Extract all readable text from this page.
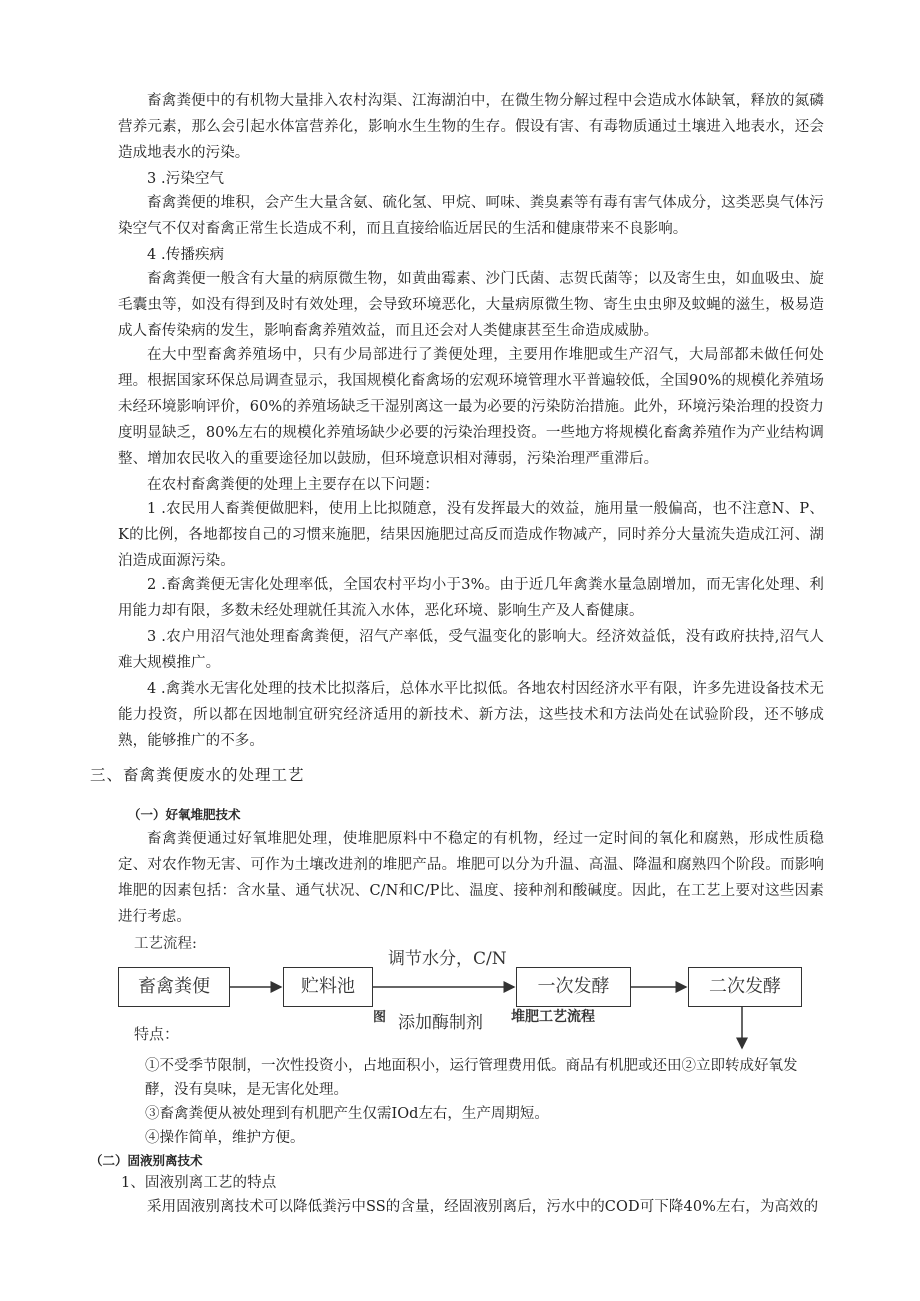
畜禽粪便中的有机物大量排入农村沟渠、江海湖泊中，在微生物分解过程中会造成水体缺氧，释放的氮磷营养元素，那么会引起水体富营养化，影响水生生物的生存。假设有害、有毒物质通过土壤进入地表水，还会造成地表水的污染。

3 .污染空气

畜禽粪便的堆积，会产生大量含氨、硫化氢、甲烷、呵味、粪臭素等有毒有害气体成分，这类恶臭气体污染空气不仅对畜禽正常生长造成不利，而且直接给临近居民的生活和健康带来不良影响。

4 .传播疾病

畜禽粪便一般含有大量的病原微生物，如黄曲霉素、沙门氏菌、志贺氏菌等；以及寄生虫，如血吸虫、旋毛囊虫等，如没有得到及时有效处理，会导致环境恶化，大量病原微生物、寄生虫虫卵及蚊蝇的滋生，极易造成人畜传染病的发生，影响畜禽养殖效益，而且还会对人类健康甚至生命造成威胁。

在大中型畜禽养殖场中，只有少局部进行了粪便处理，主要用作堆肥或生产沼气，大局部都未做任何处理。根据国家环保总局调查显示，我国规模化畜禽场的宏观环境管理水平普遍较低，全国90%的规模化养殖场未经环境影响评价，60%的养殖场缺乏干湿别离这一最为必要的污染防治措施。此外，环境污染治理的投资力度明显缺乏，80%左右的规模化养殖场缺少必要的污染治理投资。一些地方将规模化畜禽养殖作为产业结构调整、增加农民收入的重要途径加以鼓励，但环境意识相对薄弱，污染治理严重滞后。

在农村畜禽粪便的处理上主要存在以下问题：

1 .农民用人畜粪便做肥料，使用上比拟随意，没有发挥最大的效益，施用量一般偏高，也不注意N、P、K的比例，各地都按自己的习惯来施肥，结果因施肥过高反而造成作物减产，同时养分大量流失造成江河、湖泊造成面源污染。

2 .畜禽粪便无害化处理率低，全国农村平均小于3%。由于近几年禽粪水量急剧增加，而无害化处理、利用能力却有限，多数未经处理就任其流入水体，恶化环境、影响生产及人畜健康。

3 .农户用沼气池处理畜禽粪便，沼气产率低，受气温变化的影响大。经济效益低，没有政府扶持,沼气人难大规模推广。

4 .禽粪水无害化处理的技术比拟落后，总体水平比拟低。各地农村因经济水平有限，许多先进设备技术无能力投资，所以都在因地制宜研究经济适用的新技术、新方法，这些技术和方法尚处在试验阶段，还不够成熟，能够推广的不多。

三、畜禽粪便废水的处理工艺
（一）好氧堆肥技术

畜禽粪便通过好氧堆肥处理，使堆肥原料中不稳定的有机物，经过一定时间的氧化和腐熟，形成性质稳定、对农作物无害、可作为土壤改进剂的堆肥产品。堆肥可以分为升温、高温、降温和腐熟四个阶段。而影响堆肥的因素包括：含水量、通气状况、C/N和C/P比、温度、接种剂和酸碱度。因此，在工艺上要对这些因素进行考虑。

工艺流程:
畜禽粪便	贮料池	一次发酵	二次发酵
调节水分，C/N
图 添加酶制剂 堆肥工艺流程
特点：

①不受季节限制，一次性投资小，占地面积小，运行管理费用低。商品有机肥或还田②立即转成好氧发酵，没有臭味，是无害化处理。

③畜禽粪便从被处理到有机肥产生仅需IOd左右，生产周期短。

④操作简单，维护方便。

（二）固液别离技术

1、固液别离工艺的特点

采用固液别离技术可以降低粪污中SS的含量，经固液别离后，污水中的COD可下降40%左右，为高效的
